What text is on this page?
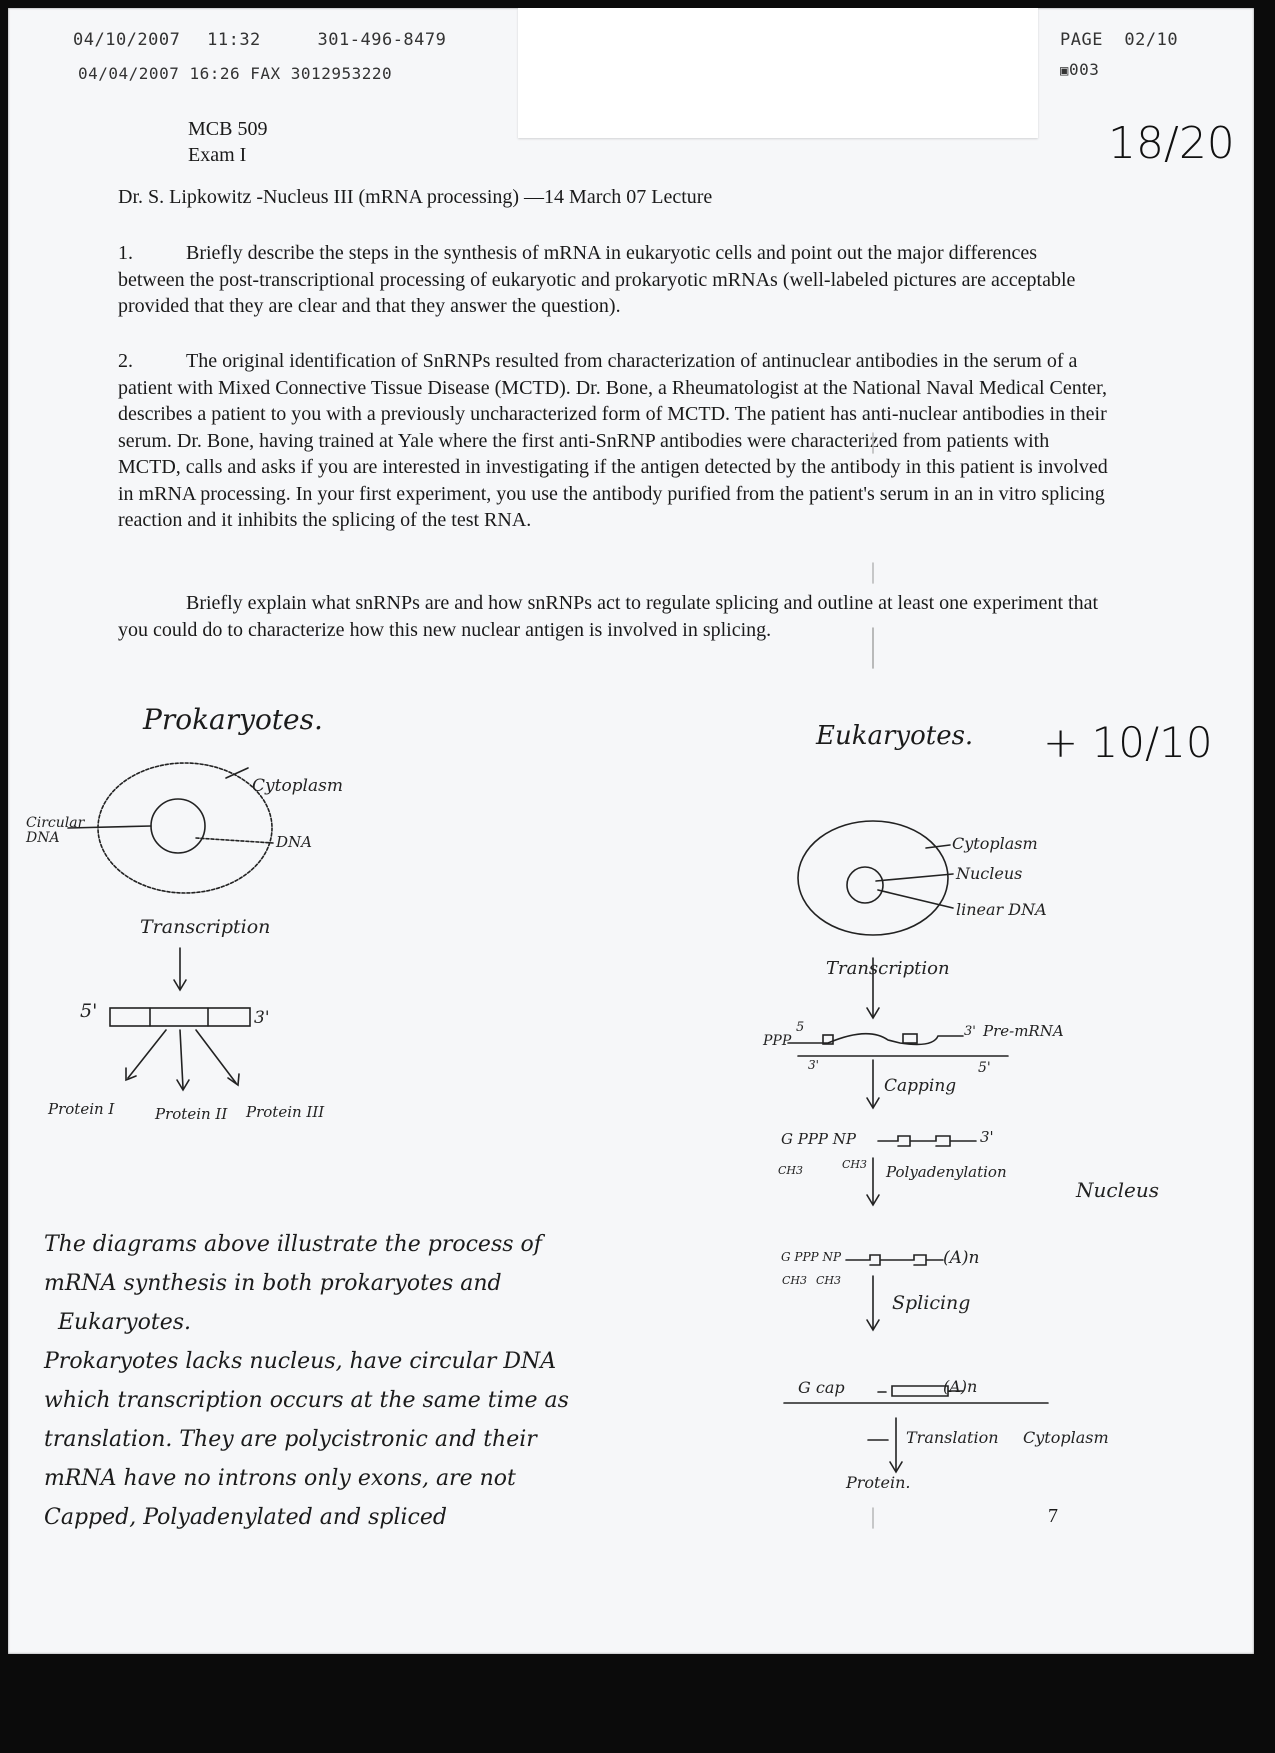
04/10/2007 11:32	301-496-8479
04/04/2007 16:26 FAX 3012953220
PAGE  02/10
▣003
18/20
MCB 509
Exam I
Dr. S. Lipkowitz -Nucleus III (mRNA processing) —14 March 07 Lecture
1.	Briefly describe the steps in the synthesis of mRNA in eukaryotic cells and point out the major differences between the post-transcriptional processing of eukaryotic and prokaryotic mRNAs (well-labeled pictures are acceptable provided that they are clear and that they answer the question).
2.	The original identification of SnRNPs resulted from characterization of antinuclear antibodies in the serum of a patient with Mixed Connective Tissue Disease (MCTD). Dr. Bone, a Rheumatologist at the National Naval Medical Center, describes a patient to you with a previously uncharacterized form of MCTD. The patient has anti-nuclear antibodies in their serum. Dr. Bone, having trained at Yale where the first anti-SnRNP antibodies were characterized from patients with MCTD, calls and asks if you are interested in investigating if the antigen detected by the antibody in this patient is involved in mRNA processing. In your first experiment, you use the antibody purified from the patient's serum in an in vitro splicing reaction and it inhibits the splicing of the test RNA.
Briefly explain what snRNPs are and how snRNPs act to regulate splicing and outline at least one experiment that you could do to characterize how this new nuclear antigen is involved in splicing.
Prokaryotes.
Cytoplasm
DNA
Circular DNA
Transcription
5'	3'
Protein I	Protein II Protein III
Eukaryotes. + 10/10
Cytoplasm
Nucleus
linear DNA
Transcription
PPP
5	3' Pre-mRNA
3'	5'
Capping
G PPP NP	3'
CH3	CH3 Polyadenylation
Nucleus
G PPP NP	(A)n
CH3 CH3
Splicing
G cap	(A)n
Translation Cytoplasm
Protein.
The diagrams above illustrate the process of
mRNA synthesis in both prokaryotes and
Eukaryotes.
Prokaryotes lacks nucleus, have circular DNA
which transcription occurs at the same time as
translation. They are polycistronic and their
mRNA have no introns only exons, are not
Capped, Polyadenylated and spliced	7
